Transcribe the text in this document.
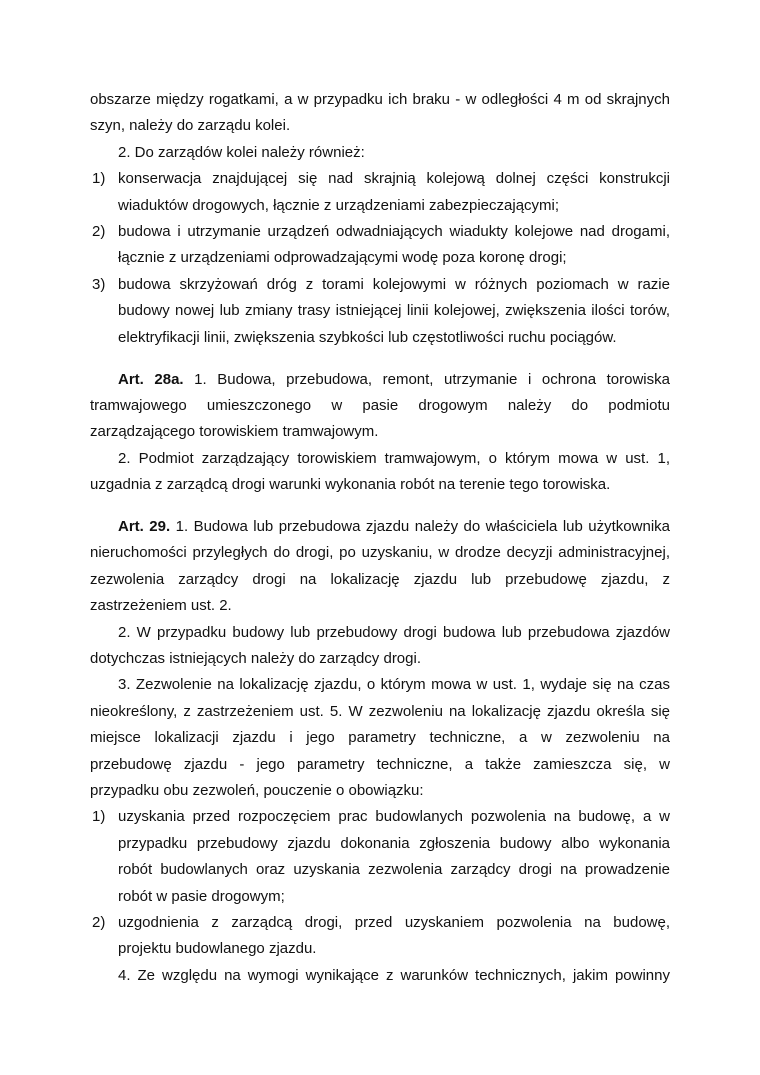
obszarze między rogatkami, a w przypadku ich braku - w odległości 4 m od skrajnych
szyn, należy do zarządu kolei.
2. Do zarządów kolei należy również:
1) konserwacja znajdującej się nad skrajnią kolejową dolnej części konstrukcji
wiaduktów drogowych, łącznie z urządzeniami zabezpieczającymi;
2) budowa i utrzymanie urządzeń odwadniających wiadukty kolejowe nad drogami,
łącznie z urządzeniami odprowadzającymi wodę poza koronę drogi;
3) budowa skrzyżowań dróg z torami kolejowymi w różnych poziomach w razie
budowy nowej lub zmiany trasy istniejącej linii kolejowej, zwiększenia ilości torów,
elektryfikacji linii, zwiększenia szybkości lub częstotliwości ruchu pociągów.
Art. 28a. 1. Budowa, przebudowa, remont, utrzymanie i ochrona torowiska
tramwajowego umieszczonego w pasie drogowym należy do podmiotu
zarządzającego torowiskiem tramwajowym.
2. Podmiot zarządzający torowiskiem tramwajowym, o którym mowa w ust. 1,
uzgadnia z zarządcą drogi warunki wykonania robót na terenie tego torowiska.
Art. 29. 1. Budowa lub przebudowa zjazdu należy do właściciela lub użytkownika
nieruchomości przyległych do drogi, po uzyskaniu, w drodze decyzji administracyjnej,
zezwolenia zarządcy drogi na lokalizację zjazdu lub przebudowę zjazdu, z
zastrzeżeniem ust. 2.
2. W przypadku budowy lub przebudowy drogi budowa lub przebudowa zjazdów
dotychczas istniejących należy do zarządcy drogi.
3. Zezwolenie na lokalizację zjazdu, o którym mowa w ust. 1, wydaje się na czas
nieokreślony, z zastrzeżeniem ust. 5. W zezwoleniu na lokalizację zjazdu określa się
miejsce lokalizacji zjazdu i jego parametry techniczne, a w zezwoleniu na
przebudowę zjazdu - jego parametry techniczne, a także zamieszcza się, w
przypadku obu zezwoleń, pouczenie o obowiązku:
1) uzyskania przed rozpoczęciem prac budowlanych pozwolenia na budowę, a w
przypadku przebudowy zjazdu dokonania zgłoszenia budowy albo wykonania
robót budowlanych oraz uzyskania zezwolenia zarządcy drogi na prowadzenie
robót w pasie drogowym;
2) uzgodnienia z zarządcą drogi, przed uzyskaniem pozwolenia na budowę,
projektu budowlanego zjazdu.
4. Ze względu na wymogi wynikające z warunków technicznych, jakim powinny
